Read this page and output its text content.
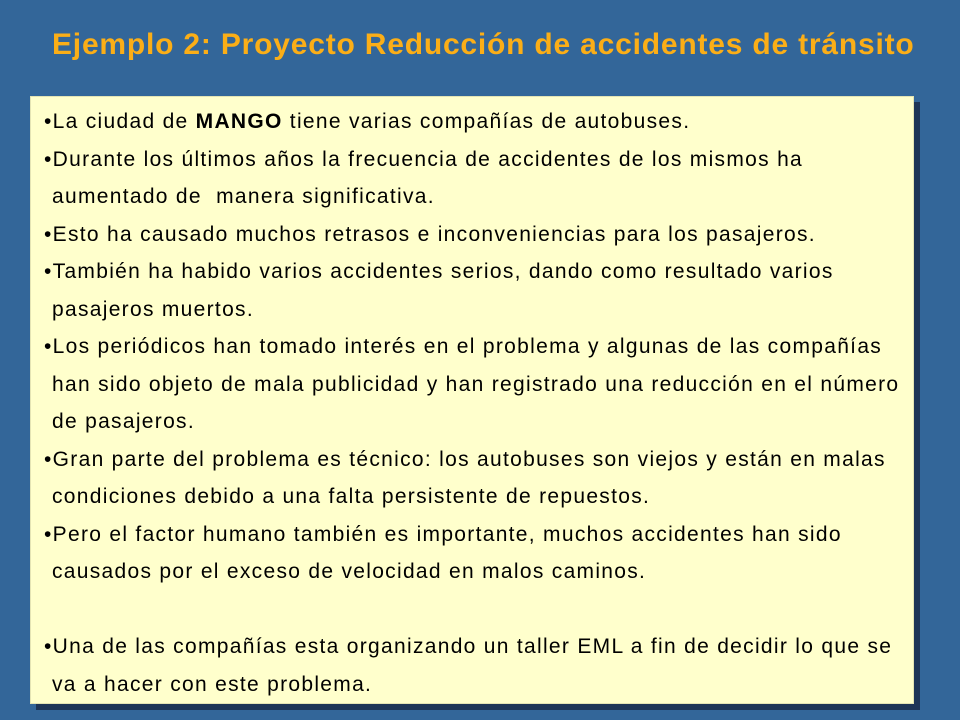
Ejemplo 2: Proyecto Reducción de accidentes de tránsito
•La ciudad de MANGO tiene varias compañías de autobuses.
•Durante los últimos años la frecuencia de accidentes de los mismos ha
aumentado de  manera significativa.
•Esto ha causado muchos retrasos e inconveniencias para los pasajeros.
•También ha habido varios accidentes serios, dando como resultado varios
pasajeros muertos.
•Los periódicos han tomado interés en el problema y algunas de las compañías
han sido objeto de mala publicidad y han registrado una reducción en el número
de pasajeros.
•Gran parte del problema es técnico: los autobuses son viejos y están en malas
condiciones debido a una falta persistente de repuestos.
•Pero el factor humano también es importante, muchos accidentes han sido
causados por el exceso de velocidad en malos caminos.
•Una de las compañías esta organizando un taller EML a fin de decidir lo que se
va a hacer con este problema.
